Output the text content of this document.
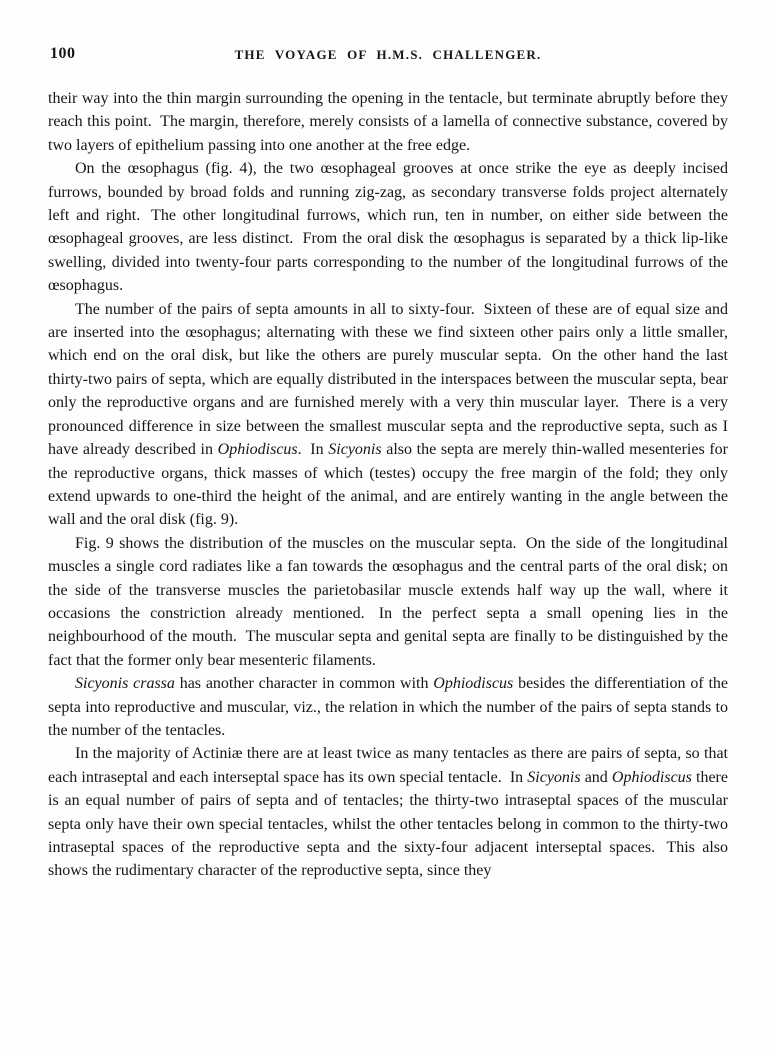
100	THE VOYAGE OF H.M.S. CHALLENGER.

their way into the thin margin surrounding the opening in the tentacle, but terminate abruptly before they reach this point.  The margin, therefore, merely consists of a lamella of connective substance, covered by two layers of epithelium passing into one another at the free edge.

On the œsophagus (fig. 4), the two œsophageal grooves at once strike the eye as deeply incised furrows, bounded by broad folds and running zig-zag, as secondary transverse folds project alternately left and right.  The other longitudinal furrows, which run, ten in number, on either side between the œsophageal grooves, are less distinct.  From the oral disk the œsophagus is separated by a thick lip-like swelling, divided into twenty-four parts corresponding to the number of the longitudinal furrows of the œsophagus.

The number of the pairs of septa amounts in all to sixty-four.  Sixteen of these are of equal size and are inserted into the œsophagus; alternating with these we find sixteen other pairs only a little smaller, which end on the oral disk, but like the others are purely muscular septa.  On the other hand the last thirty-two pairs of septa, which are equally distributed in the interspaces between the muscular septa, bear only the reproductive organs and are furnished merely with a very thin muscular layer.  There is a very pronounced difference in size between the smallest muscular septa and the reproductive septa, such as I have already described in Ophiodiscus.  In Sicyonis also the septa are merely thin-walled mesenteries for the reproductive organs, thick masses of which (testes) occupy the free margin of the fold; they only extend upwards to one-third the height of the animal, and are entirely wanting in the angle between the wall and the oral disk (fig. 9).

Fig. 9 shows the distribution of the muscles on the muscular septa.  On the side of the longitudinal muscles a single cord radiates like a fan towards the œsophagus and the central parts of the oral disk; on the side of the transverse muscles the parietobasilar muscle extends half way up the wall, where it occasions the constriction already mentioned.  In the perfect septa a small opening lies in the neighbourhood of the mouth.  The muscular septa and genital septa are finally to be distinguished by the fact that the former only bear mesenteric filaments.

Sicyonis crassa has another character in common with Ophiodiscus besides the differentiation of the septa into reproductive and muscular, viz., the relation in which the number of the pairs of septa stands to the number of the tentacles.

In the majority of Actiniæ there are at least twice as many tentacles as there are pairs of septa, so that each intraseptal and each interseptal space has its own special tentacle.  In Sicyonis and Ophiodiscus there is an equal number of pairs of septa and of tentacles; the thirty-two intraseptal spaces of the muscular septa only have their own special tentacles, whilst the other tentacles belong in common to the thirty-two intraseptal spaces of the reproductive septa and the sixty-four adjacent interseptal spaces.  This also shows the rudimentary character of the reproductive septa, since they
